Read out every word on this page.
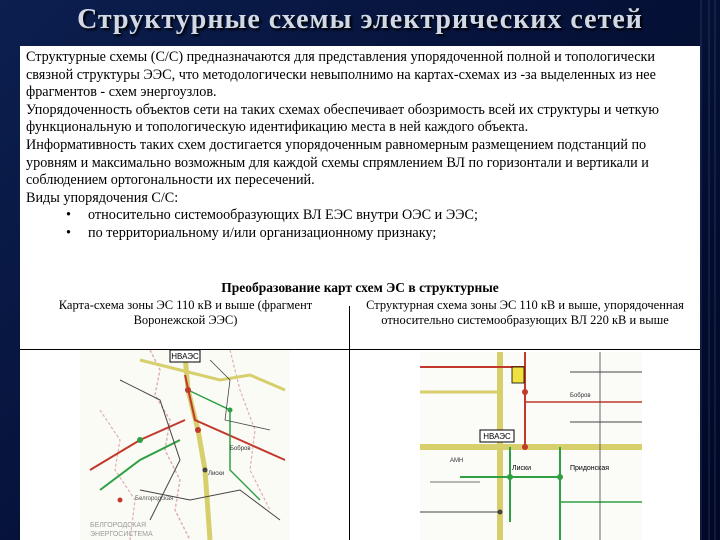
Структурные схемы электрических сетей

Структурные схемы (С/С) предназначаются для представления упорядоченной полной и топологически связной структуры ЭЭС, что методологически невыполнимо на картах-схемах из -за выделенных из нее фрагментов - схем энергоузлов.

Упорядоченность объектов сети на таких схемах обеспечивает обозримость всей их структуры и четкую функциональную и топологическую идентификацию места в ней каждого объекта.

Информативность таких схем достигается упорядоченным равномерным размещением подстанций по уровням и максимально возможным для каждой схемы спрямлением ВЛ по горизонтали и вертикали и соблюдением ортогональности их пересечений.

Виды упорядочения С/С:

• относительно системообразующих ВЛ ЕЭС внутри ОЭС и ЭЭС;
• по территориальному и/или организационному признаку;
Преобразование карт схем ЭС в структурные
Карта-схема зоны ЭС 110 кВ и выше (фрагмент Воронежской ЭЭС)
Структурная схема зоны ЭС 110 кВ и выше, упорядоченная относительно системообразующих ВЛ 220 кВ и выше
НВАЭС
Бобров
Лиски
Белгородская
БЕЛГОРОДСКАЯ
ЭНЕРГОСИСТЕМА
НВАЭС
Лиски	Придонская
АМН
Бобров
